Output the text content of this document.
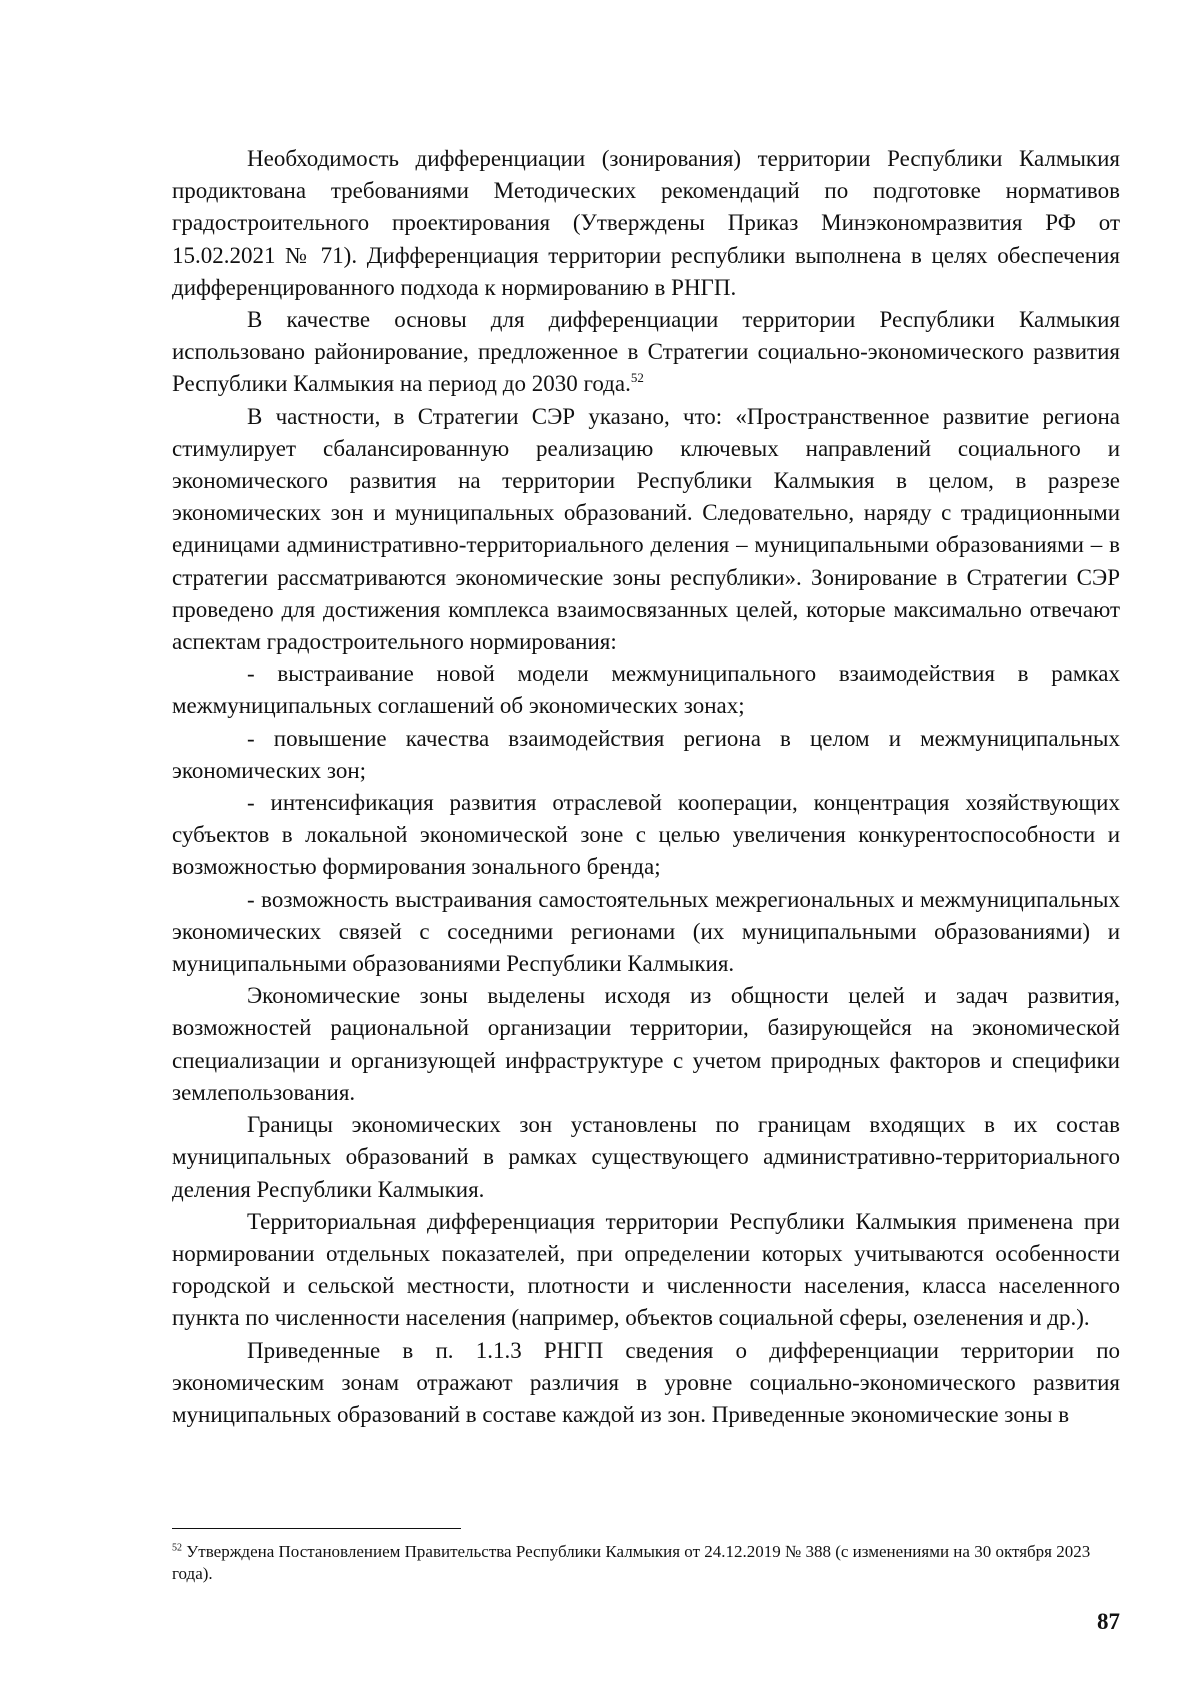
Необходимость дифференциации (зонирования) территории Республики Калмыкия продиктована требованиями Методических рекомендаций по подготовке нормативов градостроительного проектирования (Утверждены Приказ Минэкономразвития РФ от 15.02.2021 № 71). Дифференциация территории республики выполнена в целях обеспечения дифференцированного подхода к нормированию в РНГП.

В качестве основы для дифференциации территории Республики Калмыкия использовано районирование, предложенное в Стратегии социально-экономического развития Республики Калмыкия на период до 2030 года.$^{52}$

В частности, в Стратегии СЭР указано, что: «Пространственное развитие региона стимулирует сбалансированную реализацию ключевых направлений социального и экономического развития на территории Республики Калмыкия в целом, в разрезе экономических зон и муниципальных образований. Следовательно, наряду с традиционными единицами административно-территориального деления – муниципальными образованиями – в стратегии рассматриваются экономические зоны республики». Зонирование в Стратегии СЭР проведено для достижения комплекса взаимосвязанных целей, которые максимально отвечают аспектам градостроительного нормирования:

- выстраивание новой модели межмуниципального взаимодействия в рамках межмуниципальных соглашений об экономических зонах;

- повышение качества взаимодействия региона в целом и межмуниципальных экономических зон;

- интенсификация развития отраслевой кооперации, концентрация хозяйствующих субъектов в локальной экономической зоне с целью увеличения конкурентоспособности и возможностью формирования зонального бренда;

- возможность выстраивания самостоятельных межрегиональных и межмуниципальных экономических связей с соседними регионами (их муниципальными образованиями) и муниципальными образованиями Республики Калмыкия.

Экономические зоны выделены исходя из общности целей и задач развития, возможностей рациональной организации территории, базирующейся на экономической специализации и организующей инфраструктуре с учетом природных факторов и специфики землепользования.

Границы экономических зон установлены по границам входящих в их состав муниципальных образований в рамках существующего административно-территориального деления Республики Калмыкия.

Территориальная дифференциация территории Республики Калмыкия применена при нормировании отдельных показателей, при определении которых учитываются особенности городской и сельской местности, плотности и численности населения, класса населенного пункта по численности населения (например, объектов социальной сферы, озеленения и др.).

Приведенные в п. 1.1.3 РНГП сведения о дифференциации территории по экономическим зонам отражают различия в уровне социально-экономического развития муниципальных образований в составе каждой из зон. Приведенные экономические зоны в

$^{52}$ Утверждена Постановлением Правительства Республики Калмыкия от 24.12.2019 № 388 (с изменениями на 30 октября 2023 года).
87
